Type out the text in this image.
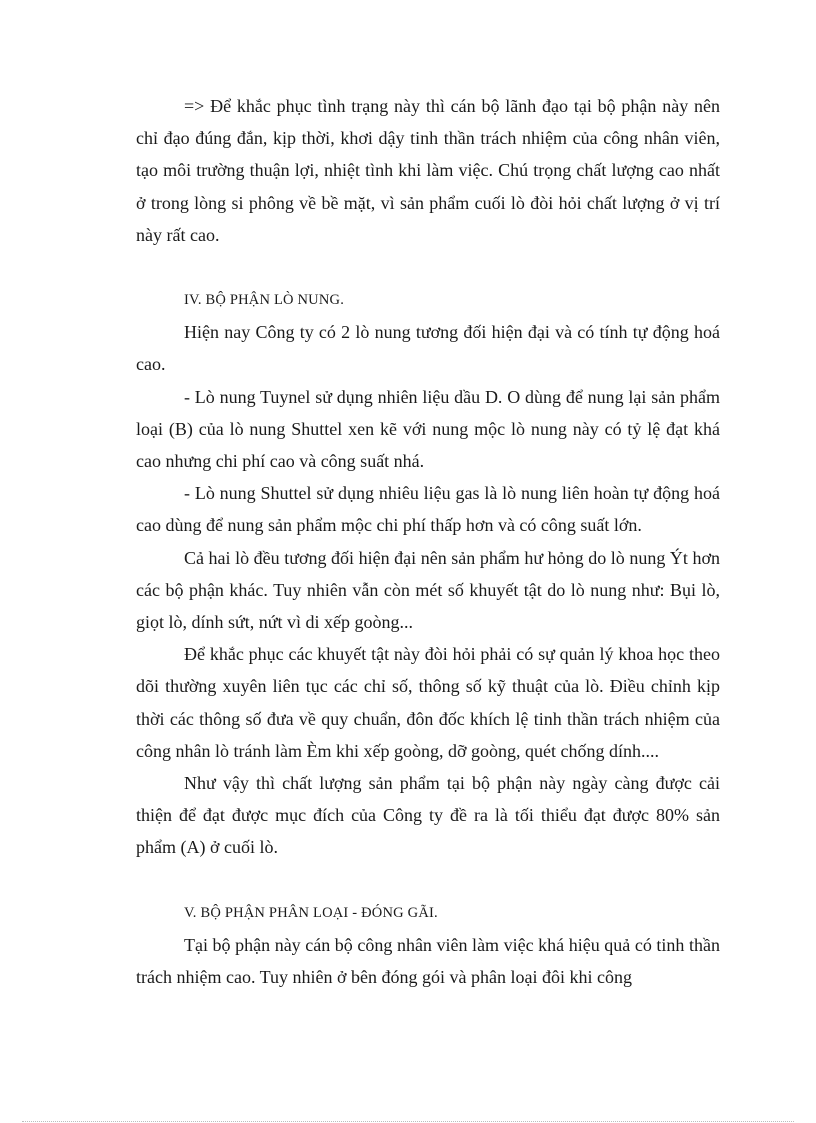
=> Để khắc phục tình trạng này thì cán bộ lãnh đạo tại bộ phận này nên chỉ đạo đúng đắn, kịp thời, khơi dậy tinh thần trách nhiệm của công nhân viên, tạo môi trường thuận lợi, nhiệt tình khi làm việc. Chú trọng chất lượng cao nhất ở trong lòng si phông về bề mặt, vì sản phẩm cuối lò đòi hỏi chất lượng ở vị trí này rất cao.

IV. BỘ PHẬN LÒ NUNG.

Hiện nay Công ty có 2 lò nung tương đối hiện đại và có tính tự động hoá cao.

- Lò nung Tuynel sử dụng nhiên liệu dầu D. O dùng để nung lại sản phẩm loại (B) của lò nung Shuttel xen kẽ với nung mộc lò nung này có tỷ lệ đạt khá cao nhưng chi phí cao và công suất nhá.

- Lò nung Shuttel sử dụng nhiêu liệu gas là lò nung liên hoàn tự động hoá cao dùng để nung sản phẩm mộc chi phí thấp hơn và có công suất lớn.

Cả hai lò đều tương đối hiện đại nên sản phẩm hư hỏng do lò nung Ýt hơn các bộ phận khác. Tuy nhiên vẫn còn mét số khuyết tật do lò nung như: Bụi lò, giọt lò, dính sứt, nứt vì di xếp goòng...

Để khắc phục các khuyết tật này đòi hỏi phải có sự quản lý khoa học theo dõi thường xuyên liên tục các chỉ số, thông số kỹ thuật của lò. Điều chỉnh kịp thời các thông số đưa về quy chuẩn, đôn đốc khích lệ tinh thần trách nhiệm của công nhân lò tránh làm Èm khi xếp goòng, dỡ goòng, quét chống dính....

Như vậy thì chất lượng sản phẩm tại bộ phận này ngày càng được cải thiện để đạt được mục đích của Công ty đề ra là tối thiểu đạt được 80% sản phẩm (A) ở cuối lò.

V. BỘ PHẬN PHÂN LOẠI - ĐÓNG GÃI.

Tại bộ phận này cán bộ công nhân viên làm việc khá hiệu quả có tinh thần trách nhiệm cao. Tuy nhiên ở bên đóng gói và phân loại đôi khi công
